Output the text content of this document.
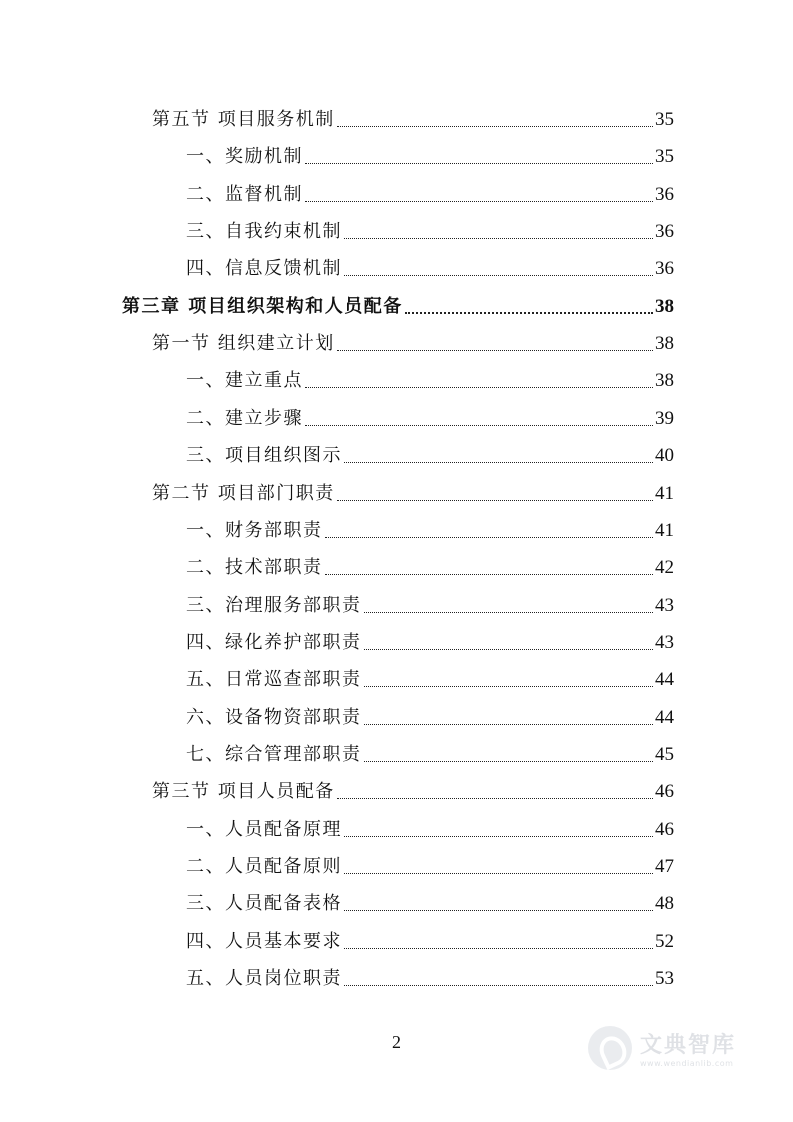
第五节 项目服务机制	35
一、奖励机制	35
二、监督机制	36
三、自我约束机制	36
四、信息反馈机制	36
第三章 项目组织架构和人员配备	38
第一节 组织建立计划	38
一、建立重点	38
二、建立步骤	39
三、项目组织图示	40
第二节 项目部门职责	41
一、财务部职责	41
二、技术部职责	42
三、治理服务部职责	43
四、绿化养护部职责	43
五、日常巡查部职责	44
六、设备物资部职责	44
七、综合管理部职责	45
第三节 项目人员配备	46
一、人员配备原理	46
二、人员配备原则	47
三、人员配备表格	48
四、人员基本要求	52
五、人员岗位职责	53
2	文典智库
www.wendianlib.com
